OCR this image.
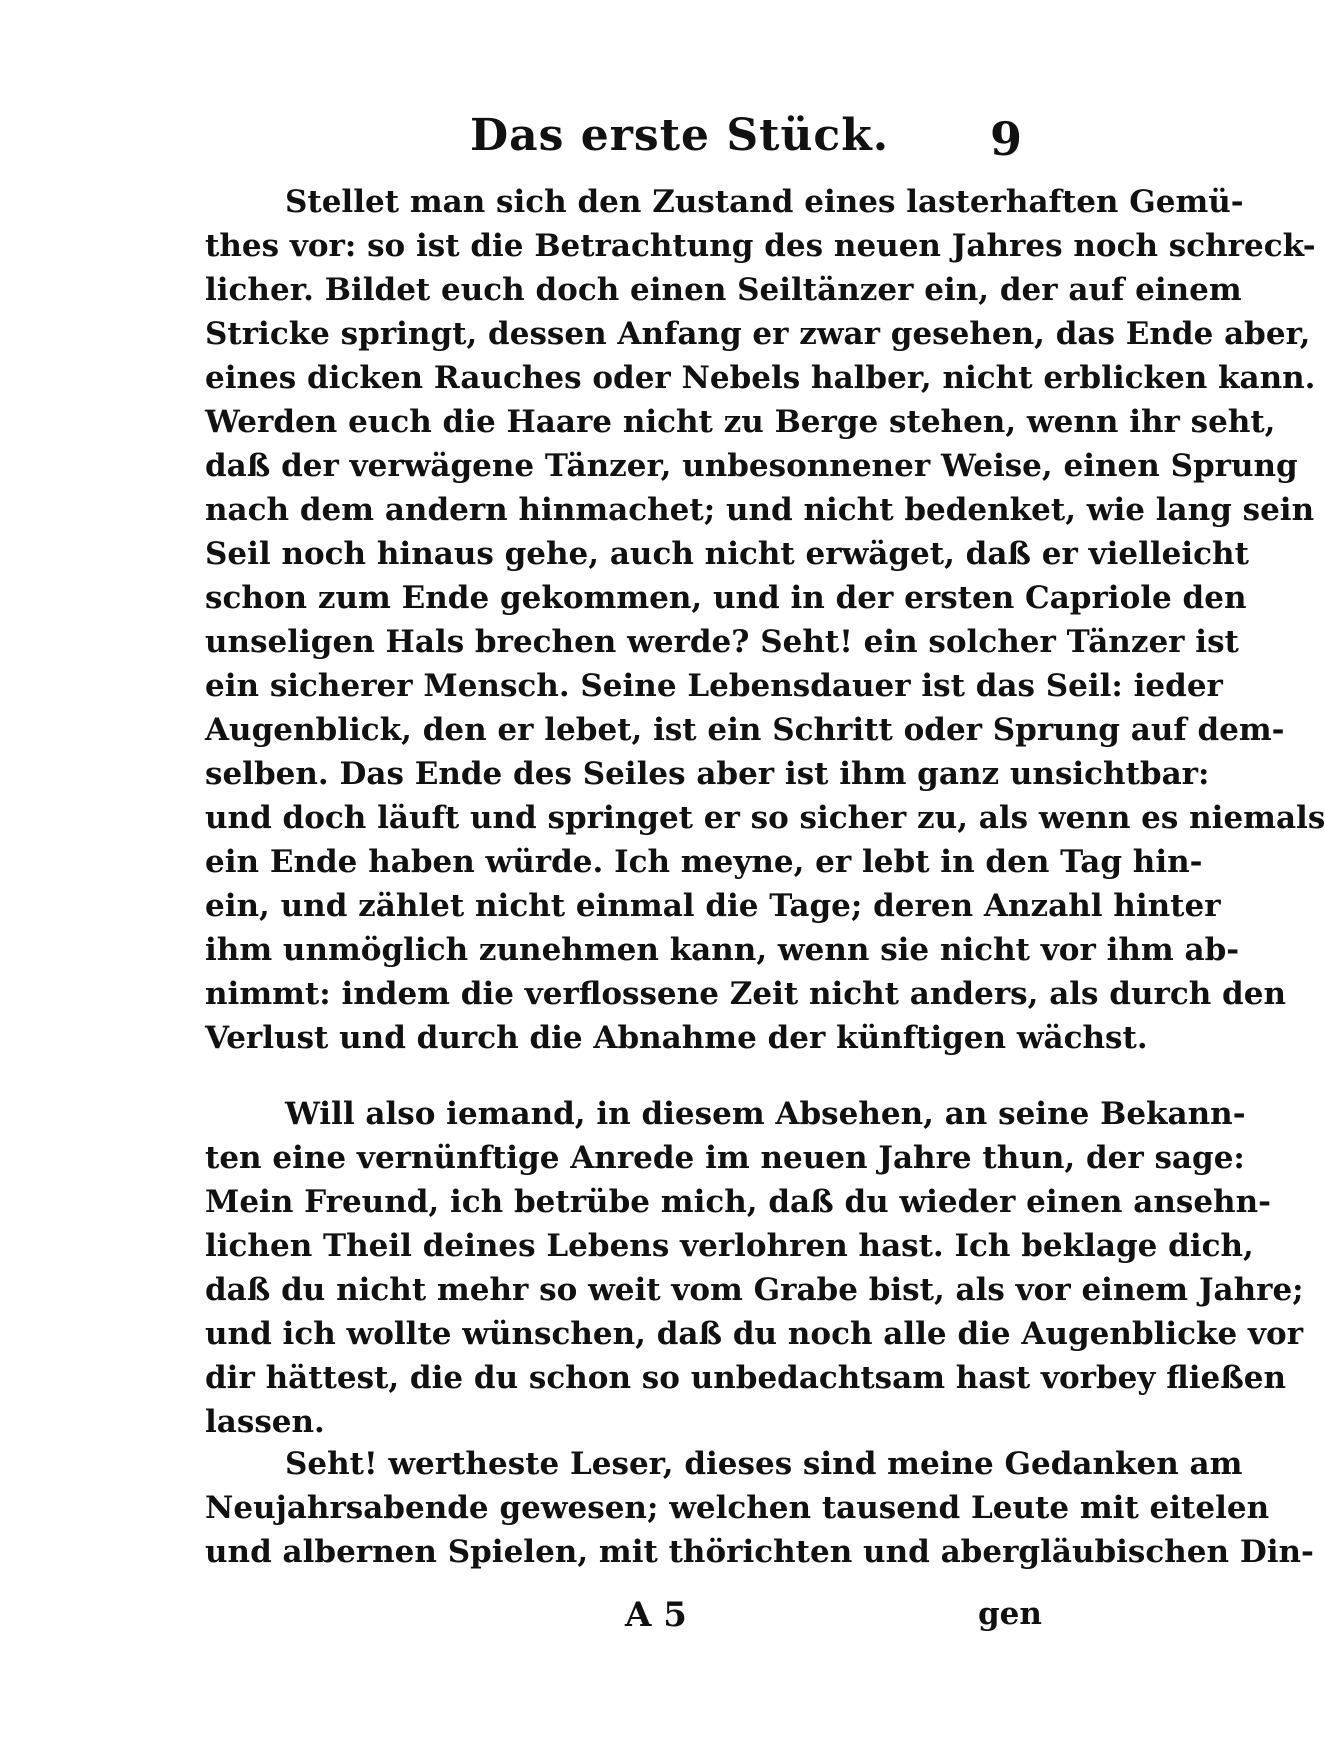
Das erste Stück. 9
Stellet man sich den Zustand eines lasterhaften Gemü-
thes vor: so ist die Betrachtung des neuen Jahres noch schreck-
licher. Bildet euch doch einen Seiltänzer ein, der auf einem
Stricke springt, dessen Anfang er zwar gesehen, das Ende aber,
eines dicken Rauches oder Nebels halber, nicht erblicken kann.
Werden euch die Haare nicht zu Berge stehen, wenn ihr seht,
daß der verwägene Tänzer, unbesonnener Weise, einen Sprung
nach dem andern hinmachet; und nicht bedenket, wie lang sein
Seil noch hinaus gehe, auch nicht erwäget, daß er vielleicht
schon zum Ende gekommen, und in der ersten Capriole den
unseligen Hals brechen werde? Seht! ein solcher Tänzer ist
ein sicherer Mensch. Seine Lebensdauer ist das Seil: ieder
Augenblick, den er lebet, ist ein Schritt oder Sprung auf dem-
selben. Das Ende des Seiles aber ist ihm ganz unsichtbar:
und doch läuft und springet er so sicher zu, als wenn es niemals
ein Ende haben würde. Ich meyne, er lebt in den Tag hin-
ein, und zählet nicht einmal die Tage; deren Anzahl hinter
ihm unmöglich zunehmen kann, wenn sie nicht vor ihm ab-
nimmt: indem die verflossene Zeit nicht anders, als durch den
Verlust und durch die Abnahme der künftigen wächst.
Will also iemand, in diesem Absehen, an seine Bekann-
ten eine vernünftige Anrede im neuen Jahre thun, der sage:
Mein Freund, ich betrübe mich, daß du wieder einen ansehn-
lichen Theil deines Lebens verlohren hast. Ich beklage dich,
daß du nicht mehr so weit vom Grabe bist, als vor einem Jahre;
und ich wollte wünschen, daß du noch alle die Augenblicke vor
dir hättest, die du schon so unbedachtsam hast vorbey fließen
lassen.
Seht! wertheste Leser, dieses sind meine Gedanken am
Neujahrsabende gewesen; welchen tausend Leute mit eitelen
und albernen Spielen, mit thörichten und abergläubischen Din-
A 5	gen
